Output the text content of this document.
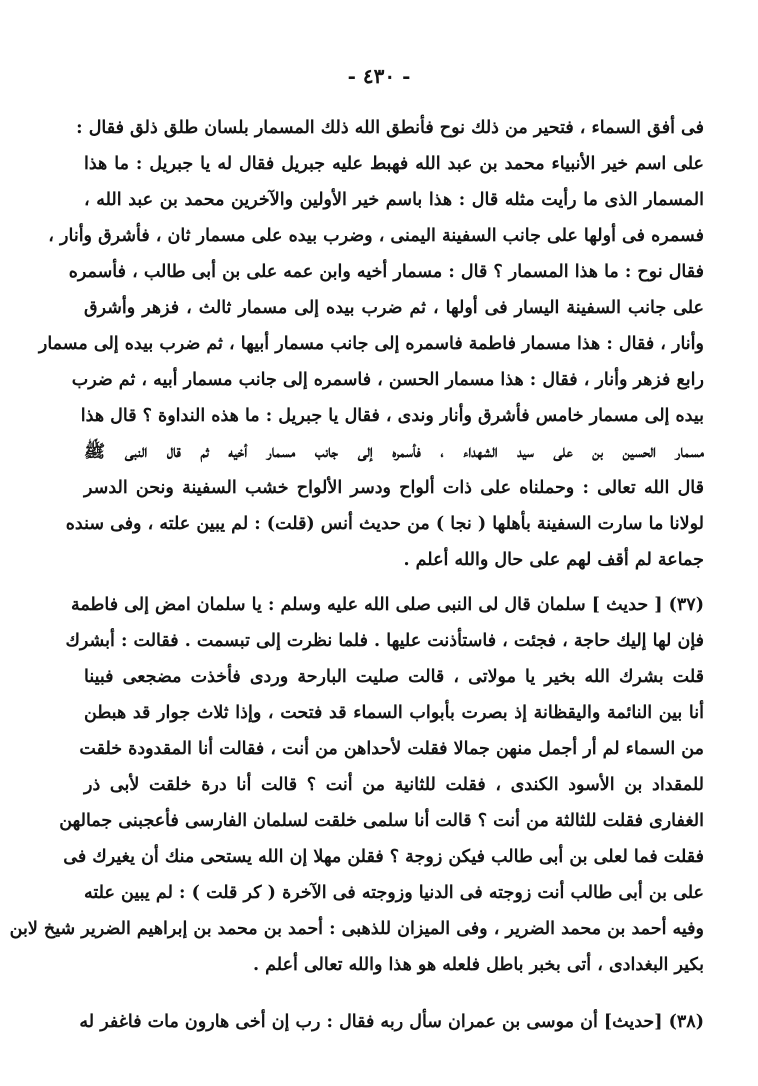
- ٤٣٠ -
فى أفق السماء ، فتحير من ذلك نوح فأنطق الله ذلك المسمار بلسان طلق ذلق فقال :
على اسم خير الأنبياء محمد بن عبد الله فهبط عليه جبريل فقال له يا جبريل : ما هذا
المسمار الذى ما رأيت مثله قال : هذا باسم خير الأولين والآخرين محمد بن عبد الله ،
فسمره فى أولها على جانب السفينة اليمنى ، وضرب بيده على مسمار ثان ، فأشرق وأنار ،
فقال نوح : ما هذا المسمار ؟ قال : مسمار أخيه وابن عمه على بن أبى طالب ، فأسمره
على جانب السفينة اليسار فى أولها ، ثم ضرب بيده إلى مسمار ثالث ، فزهر وأشرق
وأنار ، فقال : هذا مسمار فاطمة فاسمره إلى جانب مسمار أبيها ، ثم ضرب بيده إلى مسمار
رابع فزهر وأنار ، فقال : هذا مسمار الحسن ، فاسمره إلى جانب مسمار أبيه ، ثم ضرب
بيده إلى مسمار خامس فأشرق وأنار وندى ، فقال يا جبريل : ما هذه النداوة ؟ قال هذا
مسمار الحسين بن على سيد الشهداء ، فأسمره إلى جانب مسمار أخيه ثم قال النبى ﷺ
قال الله تعالى : وحملناه على ذات ألواح ودسر الألواح خشب السفينة ونحن الدسر
لولانا ما سارت السفينة بأهلها ( نجا ) من حديث أنس (قلت) : لم يبين علته ، وفى سنده
جماعة لم أقف لهم على حال والله أعلم .
(٣٧) [ حديث ] سلمان قال لى النبى صلى الله عليه وسلم : يا سلمان امض إلى فاطمة
فإن لها إليك حاجة ، فجئت ، فاستأذنت عليها . فلما نظرت إلى تبسمت . فقالت : أبشرك
قلت بشرك الله بخير يا مولاتى ، قالت صليت البارحة وردى فأخذت مضجعى فبينا
أنا بين النائمة واليقظانة إذ بصرت بأبواب السماء قد فتحت ، وإذا ثلاث جوار قد هبطن
من السماء لم أر أجمل منهن جمالا فقلت لأحداهن من أنت ، فقالت أنا المقدودة خلقت
للمقداد بن الأسود الكندى ، فقلت للثانية من أنت ؟ قالت أنا درة خلقت لأبى ذر
الغفارى فقلت للثالثة من أنت ؟ قالت أنا سلمى خلقت لسلمان الفارسى فأعجبنى جمالهن
فقلت فما لعلى بن أبى طالب فيكن زوجة ؟ فقلن مهلا إن الله يستحى منك أن يغيرك فى
على بن أبى طالب أنت زوجته فى الدنيا وزوجته فى الآخرة ( كر قلت ) : لم يبين علته
وفيه أحمد بن محمد الضرير ، وفى الميزان للذهبى : أحمد بن محمد بن إبراهيم الضرير شيخ لابن
بكير البغدادى ، أتى بخبر باطل فلعله هو هذا والله تعالى أعلم .
(٣٨) [حديث] أن موسى بن عمران سأل ربه فقال : رب إن أخى هارون مات فاغفر له
